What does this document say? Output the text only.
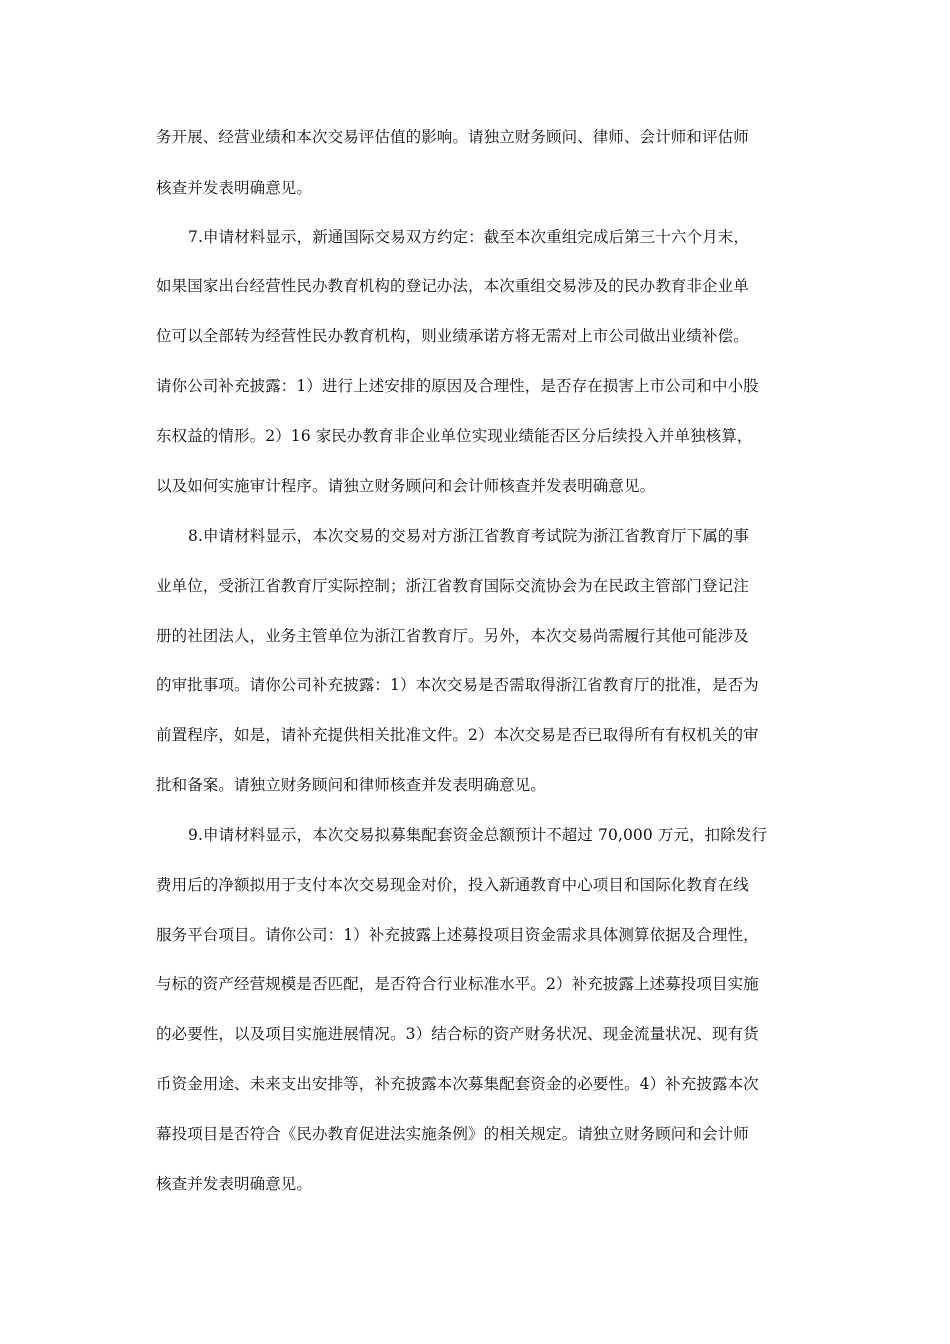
务开展、经营业绩和本次交易评估值的影响。请独立财务顾问、律师、会计师和评估师
核查并发表明确意见。
7.申请材料显示，新通国际交易双方约定：截至本次重组完成后第三十六个月末，
如果国家出台经营性民办教育机构的登记办法，本次重组交易涉及的民办教育非企业单
位可以全部转为经营性民办教育机构，则业绩承诺方将无需对上市公司做出业绩补偿。
请你公司补充披露：1）进行上述安排的原因及合理性，是否存在损害上市公司和中小股
东权益的情形。2）16 家民办教育非企业单位实现业绩能否区分后续投入并单独核算，
以及如何实施审计程序。请独立财务顾问和会计师核查并发表明确意见。
8.申请材料显示，本次交易的交易对方浙江省教育考试院为浙江省教育厅下属的事
业单位，受浙江省教育厅实际控制；浙江省教育国际交流协会为在民政主管部门登记注
册的社团法人，业务主管单位为浙江省教育厅。另外，本次交易尚需履行其他可能涉及
的审批事项。请你公司补充披露：1）本次交易是否需取得浙江省教育厅的批准，是否为
前置程序，如是，请补充提供相关批准文件。2）本次交易是否已取得所有有权机关的审
批和备案。请独立财务顾问和律师核查并发表明确意见。
9.申请材料显示，本次交易拟募集配套资金总额预计不超过 70,000 万元，扣除发行
费用后的净额拟用于支付本次交易现金对价，投入新通教育中心项目和国际化教育在线
服务平台项目。请你公司：1）补充披露上述募投项目资金需求具体测算依据及合理性，
与标的资产经营规模是否匹配，是否符合行业标准水平。2）补充披露上述募投项目实施
的必要性，以及项目实施进展情况。3）结合标的资产财务状况、现金流量状况、现有货
币资金用途、未来支出安排等，补充披露本次募集配套资金的必要性。4）补充披露本次
幕投项目是否符合《民办教育促进法实施条例》的相关规定。请独立财务顾问和会计师
核查并发表明确意见。
